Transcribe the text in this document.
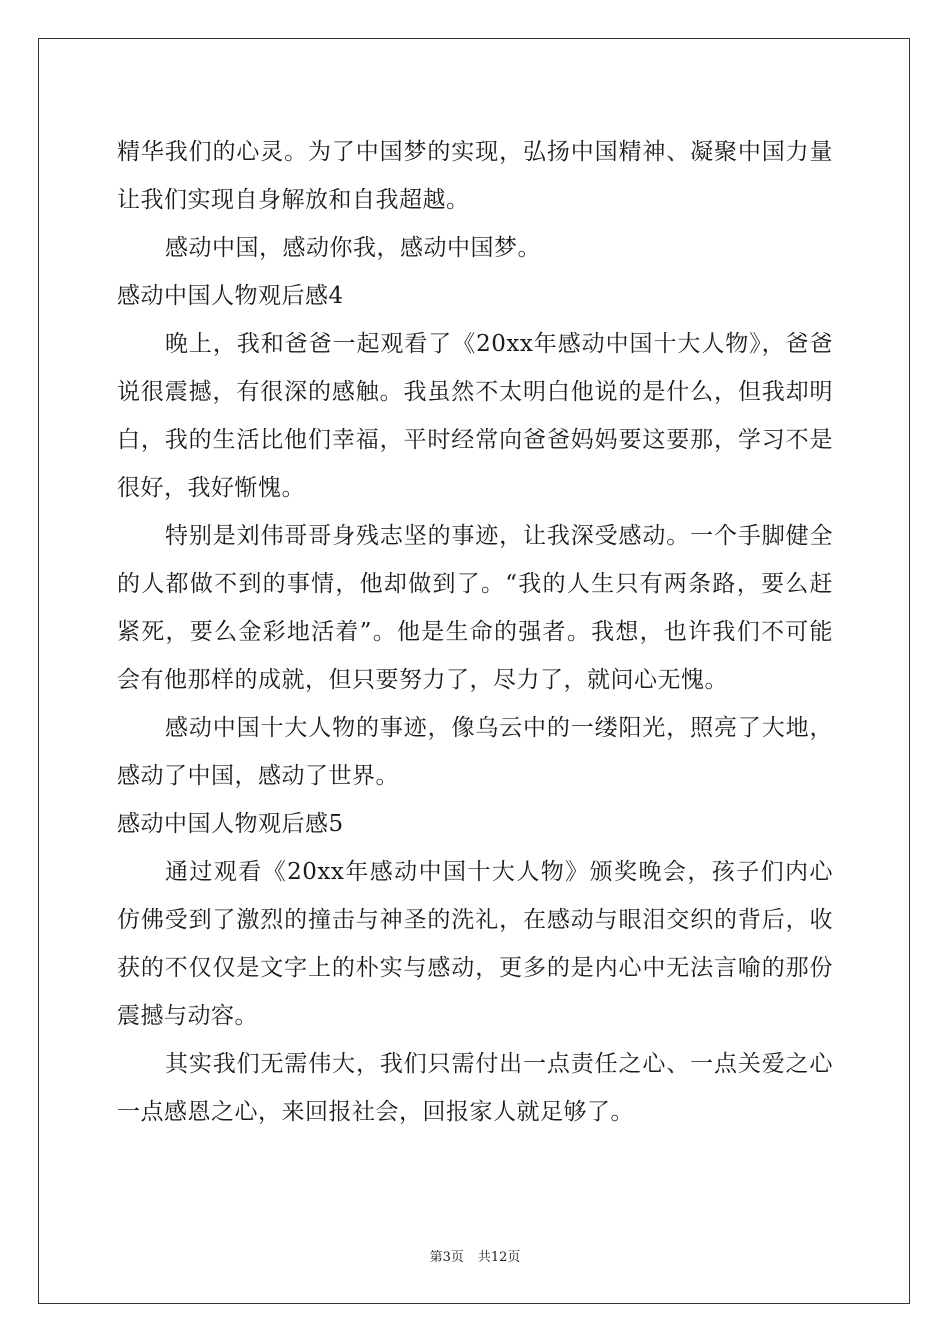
精华我们的心灵。为了中国梦的实现，弘扬中国精神、凝聚中国力量让我们实现自身解放和自我超越。

感动中国，感动你我，感动中国梦。

感动中国人物观后感4

晚上，我和爸爸一起观看了《20xx年感动中国十大人物》，爸爸说很震撼，有很深的感触。我虽然不太明白他说的是什么，但我却明白，我的生活比他们幸福，平时经常向爸爸妈妈要这要那，学习不是很好，我好惭愧。

特别是刘伟哥哥身残志坚的事迹，让我深受感动。一个手脚健全的人都做不到的事情，他却做到了。“我的人生只有两条路，要么赶紧死，要么金彩地活着”。他是生命的强者。我想，也许我们不可能会有他那样的成就，但只要努力了，尽力了，就问心无愧。

感动中国十大人物的事迹，像乌云中的一缕阳光，照亮了大地，感动了中国，感动了世界。

感动中国人物观后感5

通过观看《20xx年感动中国十大人物》颁奖晚会，孩子们内心仿佛受到了激烈的撞击与神圣的洗礼，在感动与眼泪交织的背后，收获的不仅仅是文字上的朴实与感动，更多的是内心中无法言喻的那份震撼与动容。

其实我们无需伟大，我们只需付出一点责任之心、一点关爱之心一点感恩之心，来回报社会，回报家人就足够了。

第3页 共12页
